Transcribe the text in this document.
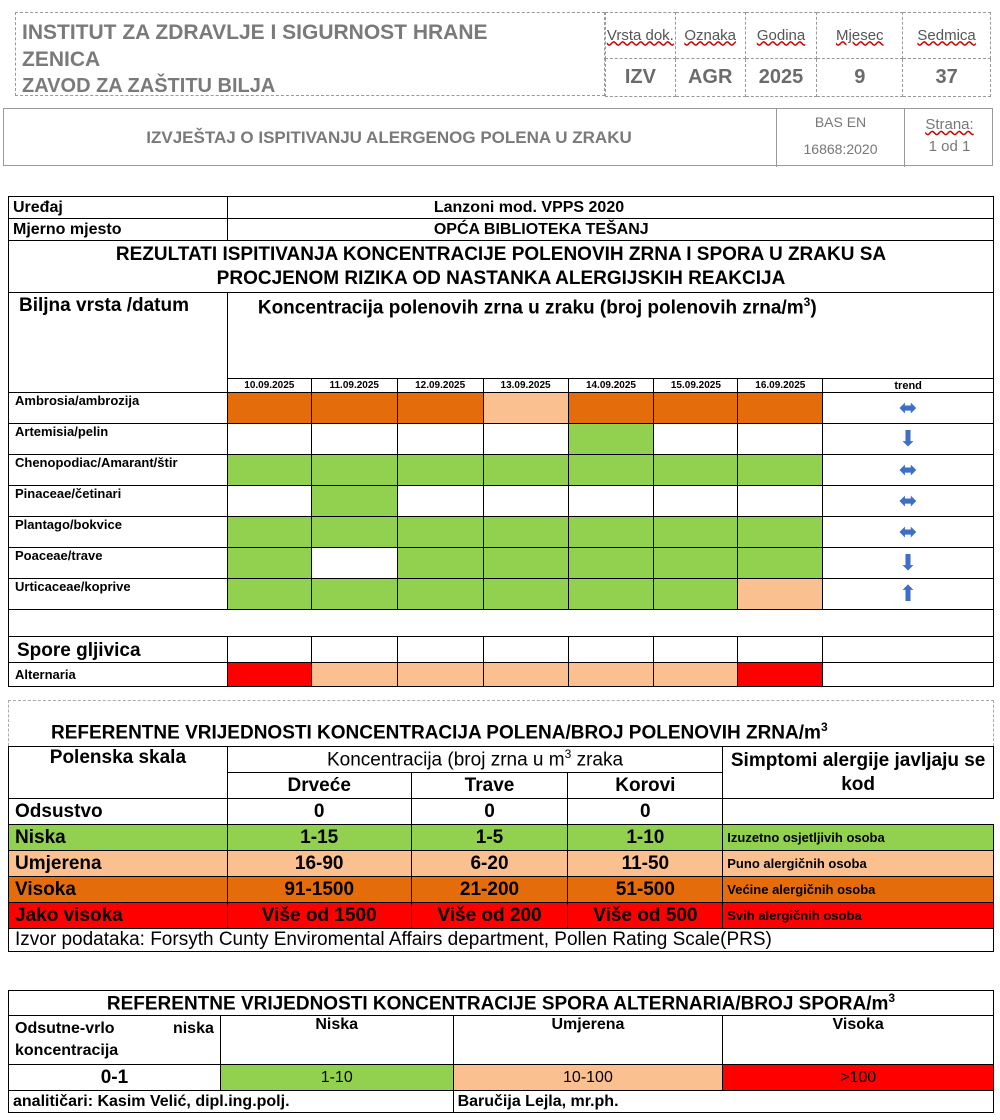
INSTITUT ZA ZDRAVLJE I SIGURNOST HRANE
ZENICA
ZAVOD ZA ZAŠTITU BILJA
Vrsta dok.	Oznaka	Godina	Mjesec	Sedmica
IZV	AGR	2025	9	37
IZVJEŠTAJ O ISPITIVANJU ALERGENOG POLENA U ZRAKU
BAS EN
16868:2020
Strana:
1 od 1
Uređaj	Lanzoni mod. VPPS 2020							
Mjerno mjesto	OPĆA BIBLIOTEKA TEŠANJ							

REZULTATI ISPITIVANJA KONCENTRACIJE POLENOVIH ZRNA I SPORA U ZRAKU SA
PROCJENOM RIZIKA OD NASTANKA ALERGIJSKIH REAKCIJA								

Biljna vrsta /datum	Koncentracija polenovih zrna u zraku (broj polenovih zrna/$m^3$)							
	10.09.2025	11.09.2025	12.09.2025	13.09.2025	14.09.2025	15.09.2025	16.09.2025	trend
Ambrosia/ambrozija								⬌
Artemisia/pelin								⬇
Chenopodiac/Amarant/štir								⬌
Pinaceae/četinari								⬌
Plantago/bokvice								⬌
Poaceae/trave								⬇
Urticaceae/koprive								⬆

Spore gljivica								
Alternaria								
REFERENTNE VRIJEDNOSTI KONCENTRACIJA POLENA/BROJ POLENOVIH ZRNA/$m^3$
Polenska skala	Koncentracija (broj zrna u $m^3$ zraka			Simptomi alergije javljaju se kod
	Drveće	Trave	Korovi	
Odsustvo	0	0	0	
Niska	1-15	1-5	1-10	Izuzetno osjetljivih osoba
Umjerena	16-90	6-20	11-50	Puno alergičnih osoba
Visoka	91-1500	21-200	51-500	Većine alergičnih osoba
Jako visoka	Više od 1500	Više od 200	Više od 500	Svih alergičnih osoba
Izvor podataka: Forsyth Cunty Enviromental Affairs department, Pollen Rating Scale(PRS)				
REFERENTNE VRIJEDNOSTI KONCENTRACIJE SPORA ALTERNARIA/BROJ SPORA/$m^3$
Odsutne-vrlo niska koncentracija	Niska	Umjerena	Visoka
0-1	1-10	10-100	>100
analitičari: Kasim Velić, dipl.ing.polj.		Baručija Lejla, mr.ph.	
